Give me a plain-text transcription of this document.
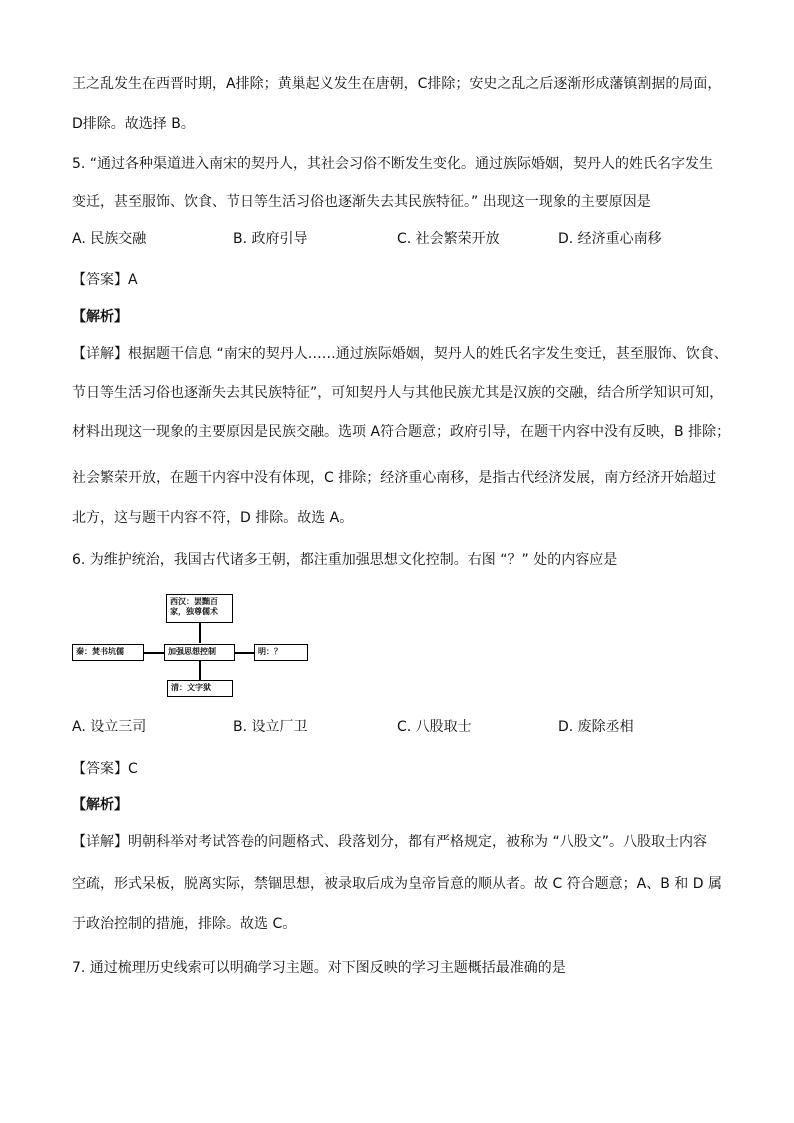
王之乱发生在西晋时期，A排除；黄巢起义发生在唐朝，C排除；安史之乱之后逐渐形成藩镇割据的局面，
D排除。故选择 B。
5. “通过各种渠道进入南宋的契丹人，其社会习俗不断发生变化。通过族际婚姻，契丹人的姓氏名字发生
变迁，甚至服饰、饮食、节日等生活习俗也逐渐失去其民族特征。” 出现这一现象的主要原因是
A. 民族交融	B. 政府引导	C. 社会繁荣开放	D. 经济重心南移
【答案】A
【解析】
【详解】根据题干信息 “南宋的契丹人……通过族际婚姻，契丹人的姓氏名字发生变迁，甚至服饰、饮食、
节日等生活习俗也逐渐失去其民族特征”，可知契丹人与其他民族尤其是汉族的交融，结合所学知识可知，
材料出现这一现象的主要原因是民族交融。选项 A符合题意；政府引导，在题干内容中没有反映，B 排除；
社会繁荣开放，在题干内容中没有体现，C 排除；经济重心南移，是指古代经济发展，南方经济开始超过
北方，这与题干内容不符，D 排除。故选 A。
6. 为维护统治，我国古代诸多王朝，都注重加强思想文化控制。右图 “？” 处的内容应是
西汉：罢黜百
家，独尊儒术
秦：焚书坑儒	加强思想控制	明：？
清：文字狱
A. 设立三司	B. 设立厂卫	C. 八股取士	D. 废除丞相
【答案】C
【解析】
【详解】明朝科举对考试答卷的问题格式、段落划分，都有严格规定，被称为 “八股文”。八股取士内容
空疏，形式呆板，脱离实际，禁锢思想，被录取后成为皇帝旨意的顺从者。故 C 符合题意；A、B 和 D 属
于政治控制的措施，排除。故选 C。
7. 通过梳理历史线索可以明确学习主题。对下图反映的学习主题概括最准确的是
